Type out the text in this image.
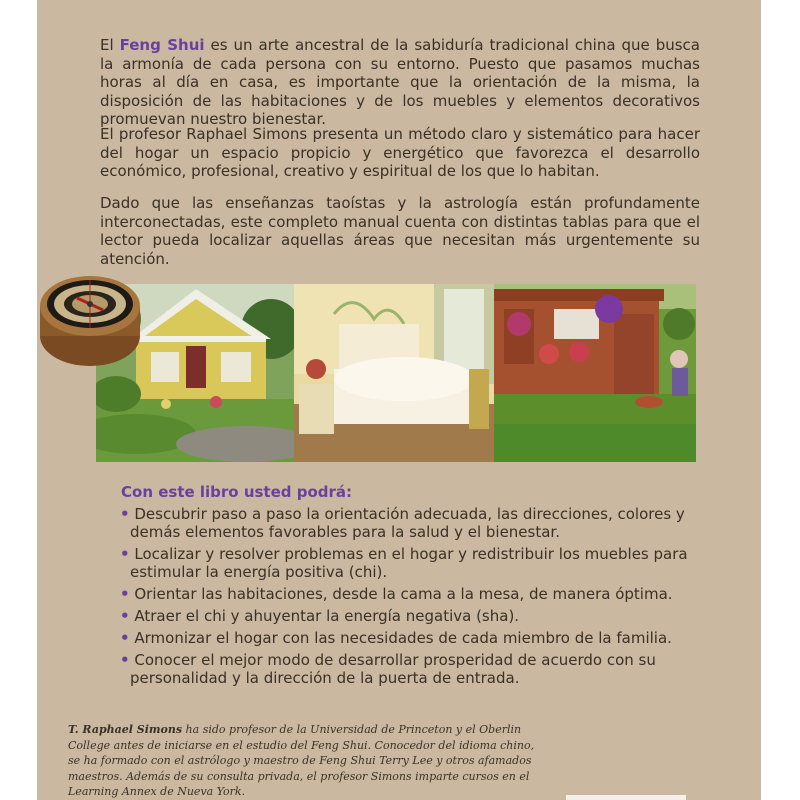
El Feng Shui es un arte ancestral de la sabiduría tradicional china que busca la armonía de cada persona con su entorno. Puesto que pasamos muchas horas al día en casa, es importante que la orientación de la misma, la disposición de las habitaciones y de los muebles y elementos decorativos promuevan nuestro bienestar.

El profesor Raphael Simons presenta un método claro y sistemático para hacer del hogar un espacio propicio y energético que favorezca el desarrollo económico, profesional, creativo y espiritual de los que lo habitan.

Dado que las enseñanzas taoístas y la astrología están profundamente interconectadas, este completo manual cuenta con distintas tablas para que el lector pueda localizar aquellas áreas que necesitan más urgentemente su atención.

Con este libro usted podrá:

• Descubrir paso a paso la orientación adecuada, las direcciones, colores y demás elementos favorables para la salud y el bienestar.
• Localizar y resolver problemas en el hogar y redistribuir los muebles para estimular la energía positiva (chi).
• Orientar las habitaciones, desde la cama a la mesa, de manera óptima.
• Atraer el chi y ahuyentar la energía negativa (sha).
• Armonizar el hogar con las necesidades de cada miembro de la familia.
• Conocer el mejor modo de desarrollar prosperidad de acuerdo con su personalidad y la dirección de la puerta de entrada.

T. Raphael Simons ha sido profesor de la Universidad de Princeton y el Oberlin College antes de iniciarse en el estudio del Feng Shui. Conocedor del idioma chino, se ha formado con el astrólogo y maestro de Feng Shui Terry Lee y otros afamados maestros. Además de su consulta privada, el profesor Simons imparte cursos en el Learning Annex de Nueva York.
